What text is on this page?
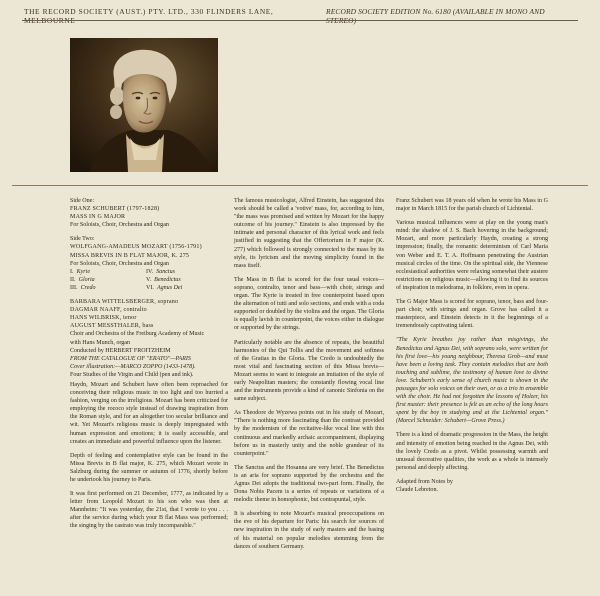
THE RECORD SOCIETY (AUST.) PTY. LTD., 330 FLINDERS LANE,	RECORD SOCIETY EDITION No. 6180 (AVAILABLE IN MONO AND
Side One:
FRANZ SCHUBERT (1797-1828)
MASS IN G MAJOR
For Soloists, Choir, Orchestra and Organ
Side Two:
WOLFGANG-AMADEUS MOZART (1756-1791)
MISSA BREVIS IN B FLAT MAJOR, K. 275
For Soloists, Choir, Orchestra and Organ
I. Kyrie	IV. Sanctus
II. Gloria	V. Benedictus
III. Credo	VI. Agnus Dei
BARBARA WITTELSBERGER, soprano
DAGMAR NAAFF, contralto
HANS WILBRISK, tenor
AUGUST MESSTHALER, bass
Choir and Orchestra of the Freiburg Academy of Music
with Hans Munch, organ
Conducted by HERBERT FROITZHEIM
FROM THE CATALOGUE OF "ERATO"—PARIS
Cover illustration:—MARCO ZOPPO (1433-1478).
Four Studies of the Virgin and Child (pen and ink).

Haydn, Mozart and Schubert have often been reproached for conceiving their religious music in too light and too hurried a fashion, verging on the irreligious. Mozart has been criticized for employing the rococo style instead of drawing inspiration from the Roman style, and for an altogether too secular brilliance and wit. Yet Mozart's religious music is deeply impregnated with human expression and emotions; it is easily accessible, and creates an immediate and powerful influence upon the listener.

Depth of feeling and contemplative style can be found in the Missa Brevis in B flat major, K. 275, which Mozart wrote in Salzburg during the summer or autumn of 1776, shortly before he undertook his journey to Paris.

It was first performed on 21 December, 1777, as indicated by a letter from Leopold Mozart to his son who was then at Mannheim: "It was yesterday, the 21st, that I wrote to you . . . after the service during which your B flat Mass was performed; the singing by the castrato was truly incomparable."

The famous musicologist, Alfred Einstein, has suggested this work should be called a 'votive' mass, for, according to him, "the mass was promised and written by Mozart for the happy outcome of his journey." Einstein is also impressed by the intimate and personal character of this lyrical work and feels justified in suggesting that the Offertorium in F major (K. 277) which followed is strongly connected to the mass by its style, its lyricism and the moving simplicity found in the mass itself.

The Mass in B flat is scored for the four usual voices—soprano, contralto, tenor and bass—with choir, strings and organ. The Kyrie is treated in free counterpoint based upon the alternation of tutti and solo sections, and ends with a coda supported or doubled by the violins and the organ. The Gloria is equally lavish in counterpoint, the voices either in dialogue or supported by the strings.

Particularly notable are the absence of repeats, the beautiful harmonies of the Qui Tollis and the movement and softness of the Gratias in the Gloria. The Credo is undoubtedly the most vital and fascinating section of this Missa brevis—Mozart seems to want to integrate an imitation of the style of early Neapolitan masters; the constantly flowing vocal line and the instruments provide a kind of canonic Sinfonia on the same subject.

As Theodore de Wyzewa points out in his study of Mozart, "There is nothing more fascinating than the contrast provided by the modernism of the recitative-like vocal line with this continuous and markedly archaic accompaniment, displaying before us in masterly unity and the noble grandeur of its counterpoint."

The Sanctus and the Hosanna are very brief. The Benedictus is an aria for soprano supported by the orchestra and the Agnus Dei adopts the traditional two-part form. Finally, the Dona Nobis Pacem is a series of repeats or variations of a melodic theme in homophonic, but contrapuntal, style.

It is absorbing to note Mozart's musical preoccupations on the eve of his departure for Paris: his search for sources of new inspiration in the study of early masters and the basing of his material on popular melodies stemming from the dances of southern Germany.

Franz Schubert was 18 years old when he wrote his Mass in G major in March 1815 for the parish church of Lichtental.

Various musical influences were at play on the young man's mind: the shadow of J. S. Bach hovering in the background; Mozart, and more particularly Haydn, creating a strong impression; finally, the romantic determinism of Carl Maria von Weber and E. T. A. Hoffmann penetrating the Austrian musical circles of the time. On the spiritual side, the Viennese ecclesiastical authorities were relaxing somewhat their austere restrictions on religious music—allowing it to find its sources of inspiration in melodrama, in folklore, even in opera.

The G Major Mass is scored for soprano, tenor, bass and four-part choir, with strings and organ. Grove has called it a masterpiece, and Einstein detects in it the beginnings of a tremendously captivating talent.

"The Kyrie breathes joy rather than misgivings, the Benedictus and Agnus Dei, with soprano solo, were written for his first love—his young neighbour, Theresa Grob—and must have been a loving task. They contain melodies that are both touching and sublime, the testimony of human love to divine love. Schubert's early sense of church music is shown in the passages for solo voices on their own, or as a trio in ensemble with the choir. He had not forgotten the lessons of Holzer, his first master: their presence is felt as an echo of the long hours spent by the boy in studying and at the Lichtental organ." (Marcel Schneider: Schubert—Grove Press.)

There is a kind of dramatic progression in the Mass, the height and intensity of emotion being reached in the Agnus Dei, with the lovely Credo as a pivot. Whilst possessing warmth and unusual decorative qualities, the work as a whole is intensely personal and deeply affecting.

Adapted from Notes by
Claude Lebreton.
